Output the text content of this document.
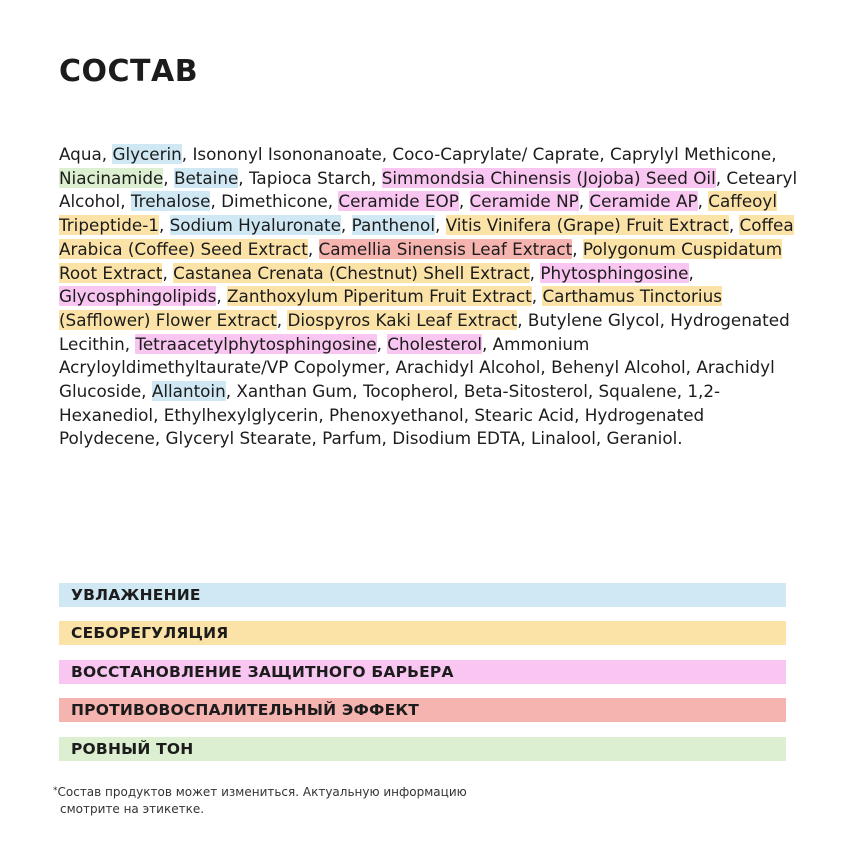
СОСТАВ

Aqua, Glycerin, Isononyl Isononanoate, Coco-Caprylate/ Caprate, Caprylyl Methicone, Niacinamide, Betaine, Tapioca Starch, Simmondsia Chinensis (Jojoba) Seed Oil, Cetearyl Alcohol, Trehalose, Dimethicone, Ceramide EOP, Ceramide NP, Ceramide AP, Caffeoyl Tripeptide-1, Sodium Hyaluronate, Panthenol, Vitis Vinifera (Grape) Fruit Extract, Coffea Arabica (Coffee) Seed Extract, Camellia Sinensis Leaf Extract, Polygonum Cuspidatum Root Extract, Castanea Crenata (Chestnut) Shell Extract, Phytosphingosine, Glycosphingolipids, Zanthoxylum Piperitum Fruit Extract, Carthamus Tinctorius (Safflower) Flower Extract, Diospyros Kaki Leaf Extract, Butylene Glycol, Hydrogenated Lecithin, Tetraacetylphytosphingosine, Cholesterol, Ammonium Acryloyldimethyltaurate/VP Copolymer, Arachidyl Alcohol, Behenyl Alcohol, Arachidyl Glucoside, Allantoin, Xanthan Gum, Tocopherol, Beta-Sitosterol, Squalene, 1,2-Hexanediol, Ethylhexylglycerin, Phenoxyethanol, Stearic Acid, Hydrogenated Polydecene, Glyceryl Stearate, Parfum, Disodium EDTA, Linalool, Geraniol.

УВЛАЖНЕНИЕ
СЕБОРЕГУЛЯЦИЯ
ВОССТАНОВЛЕНИЕ ЗАЩИТНОГО БАРЬЕРА
ПРОТИВОВОСПАЛИТЕЛЬНЫЙ ЭФФЕКТ
РОВНЫЙ ТОН

*Состав продуктов может измениться. Актуальную информацию
смотрите на этикетке.
